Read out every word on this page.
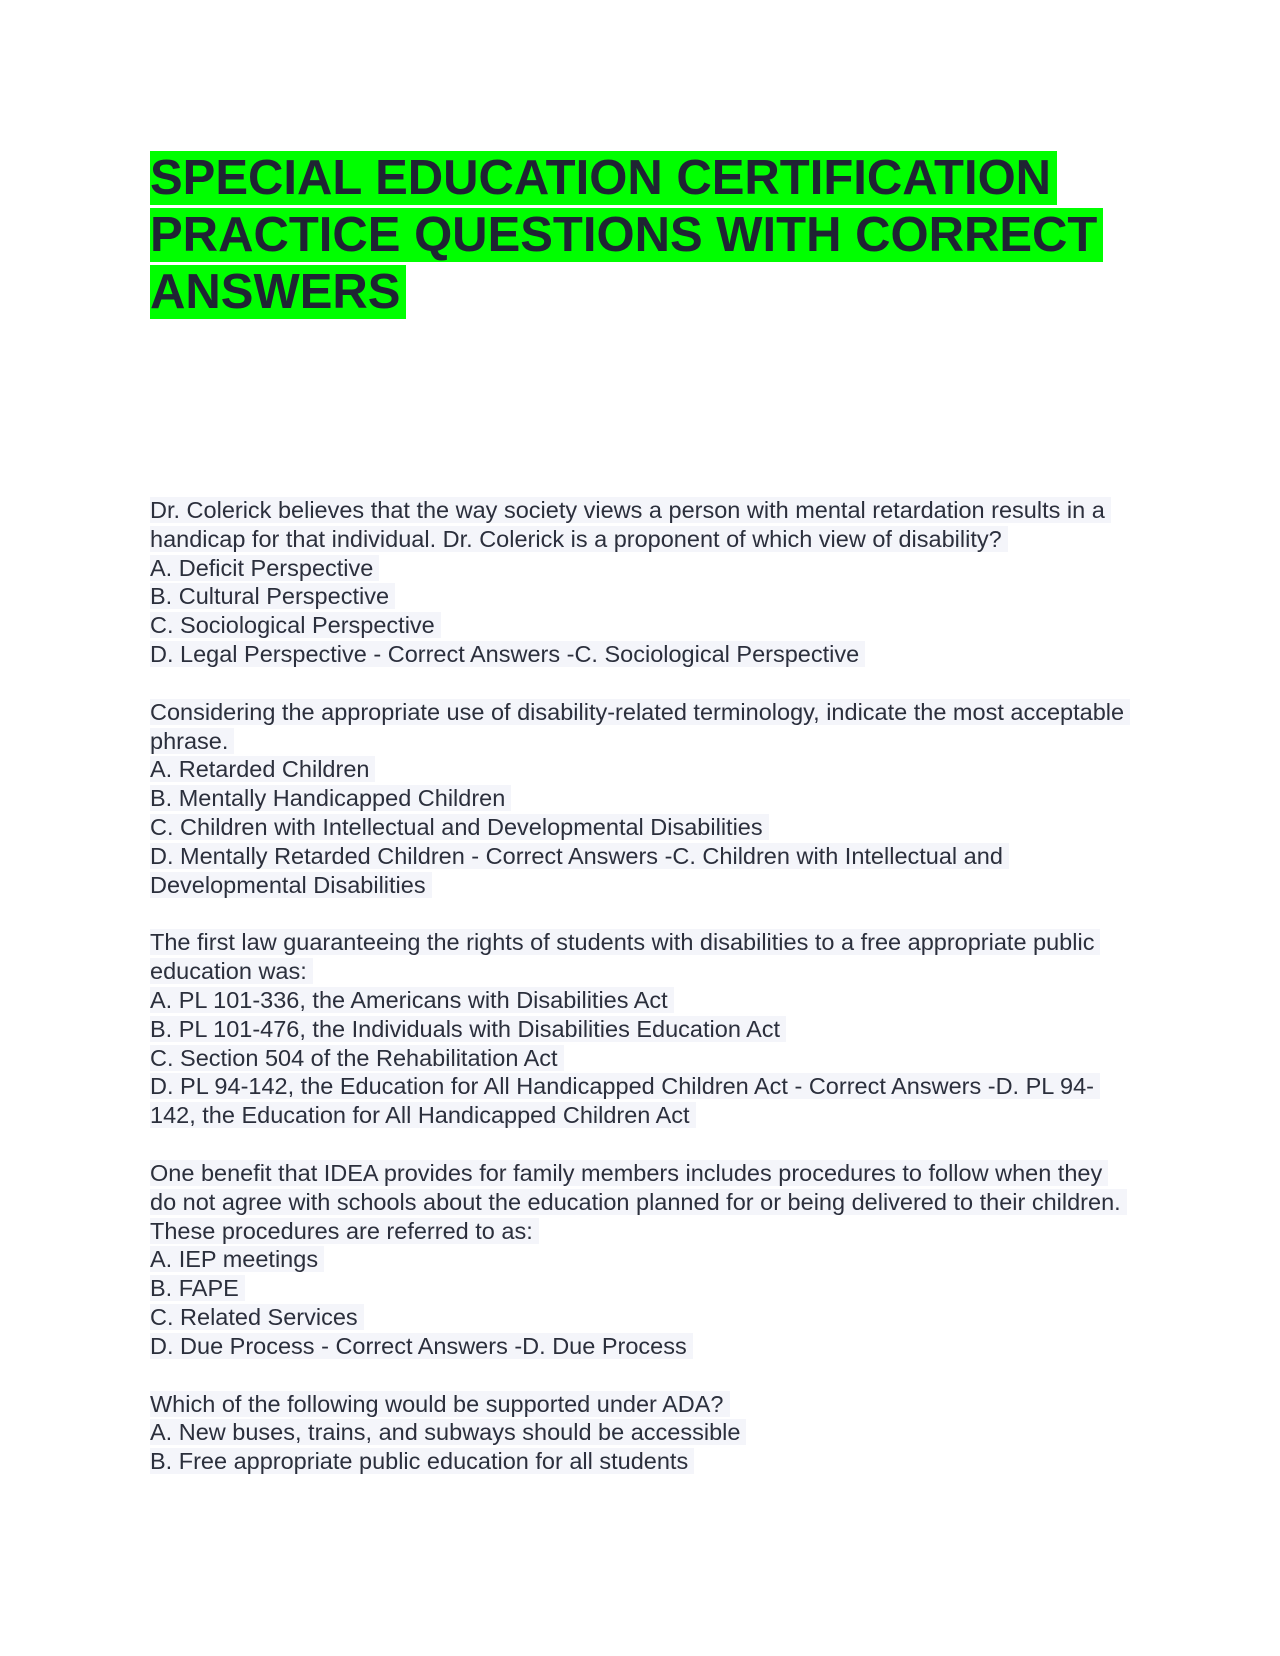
SPECIAL EDUCATION CERTIFICATION PRACTICE QUESTIONS WITH CORRECT ANSWERS
Dr. Colerick believes that the way society views a person with mental retardation results in a handicap for that individual. Dr. Colerick is a proponent of which view of disability?
A. Deficit Perspective
B. Cultural Perspective
C. Sociological Perspective
D. Legal Perspective - Correct Answers -C. Sociological Perspective
Considering the appropriate use of disability-related terminology, indicate the most acceptable phrase.
A. Retarded Children
B. Mentally Handicapped Children
C. Children with Intellectual and Developmental Disabilities
D. Mentally Retarded Children - Correct Answers -C. Children with Intellectual and Developmental Disabilities
The first law guaranteeing the rights of students with disabilities to a free appropriate public education was:
A. PL 101-336, the Americans with Disabilities Act
B. PL 101-476, the Individuals with Disabilities Education Act
C. Section 504 of the Rehabilitation Act
D. PL 94-142, the Education for All Handicapped Children Act - Correct Answers -D. PL 94-142, the Education for All Handicapped Children Act
One benefit that IDEA provides for family members includes procedures to follow when they do not agree with schools about the education planned for or being delivered to their children. These procedures are referred to as:
A. IEP meetings
B. FAPE
C. Related Services
D. Due Process - Correct Answers -D. Due Process
Which of the following would be supported under ADA?
A. New buses, trains, and subways should be accessible
B. Free appropriate public education for all students
